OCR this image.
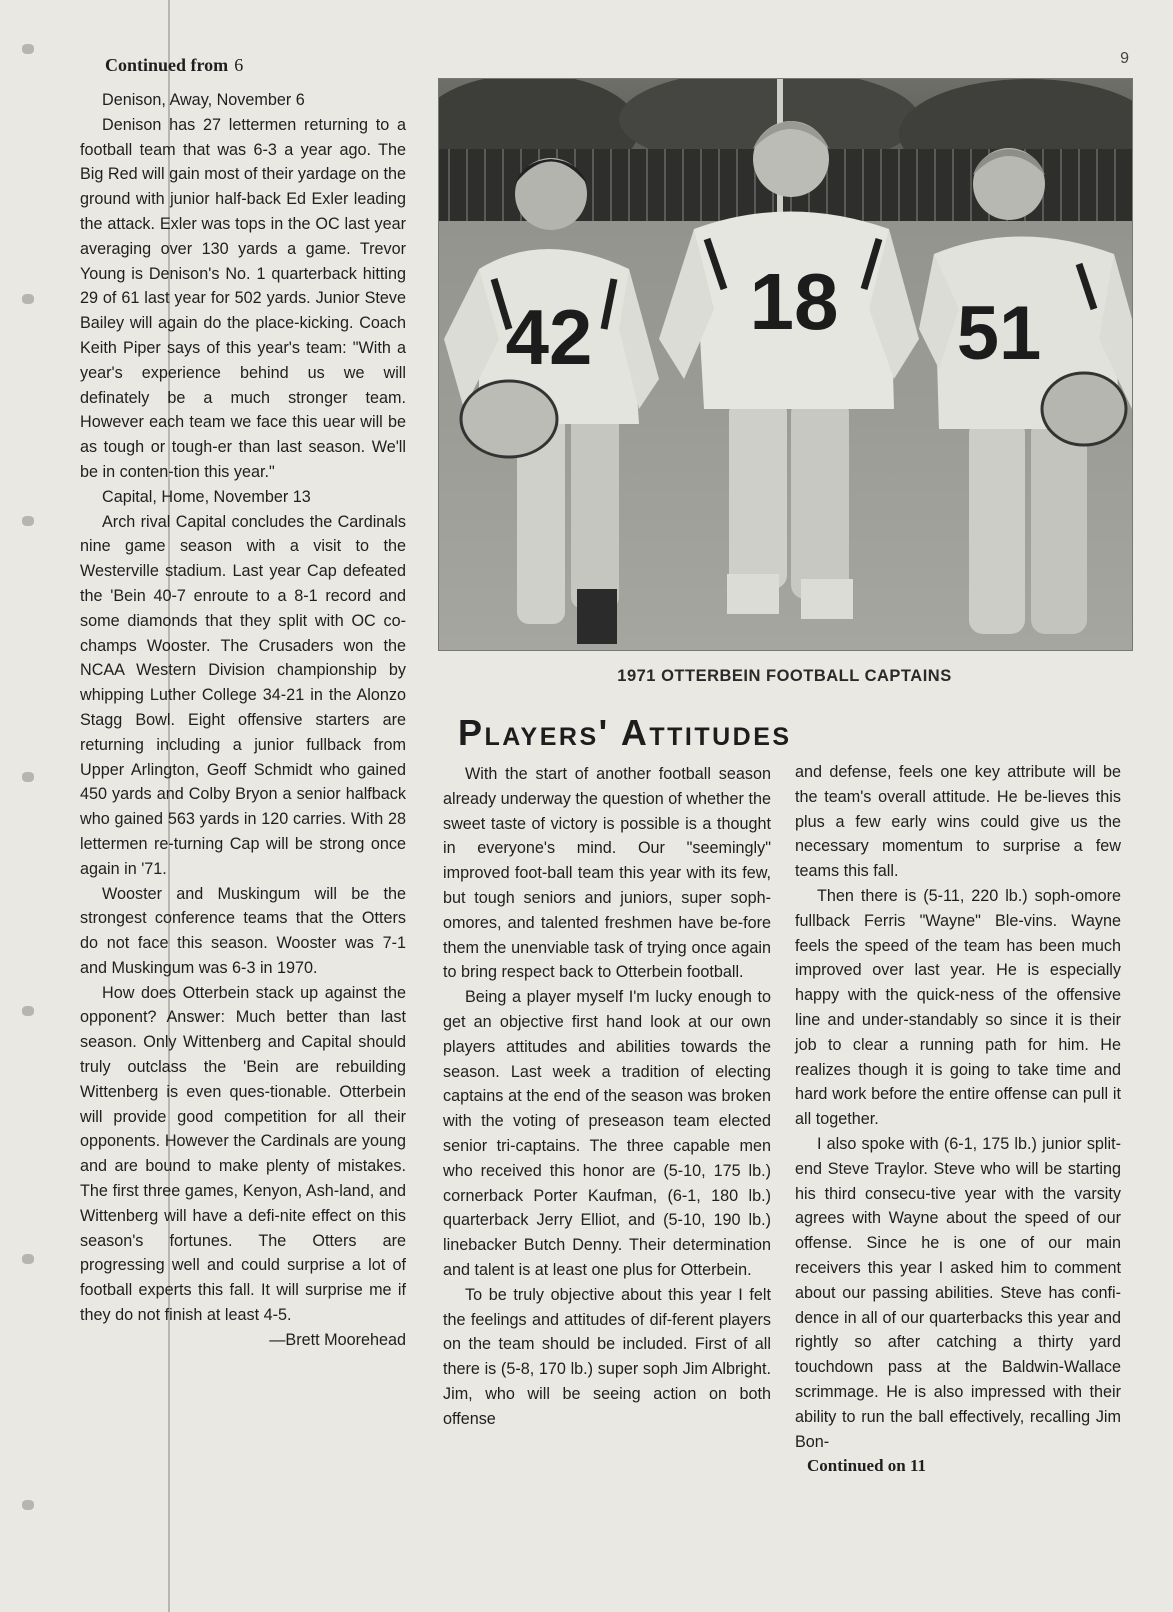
9
Continued from 6

Denison, Away, November 6

Denison has 27 lettermen returning to a football team that was 6-3 a year ago. The Big Red will gain most of their yardage on the ground with junior half-back Ed Exler leading the attack. Exler was tops in the OC last year averaging over 130 yards a game. Trevor Young is Denison's No. 1 quarterback hitting 29 of 61 last year for 502 yards. Junior Steve Bailey will again do the place-kicking. Coach Keith Piper says of this year's team: "With a year's experience behind us we will definately be a much stronger team. However each team we face this uear will be as tough or tough-er than last season. We'll be in conten-tion this year."

Capital, Home, November 13

Arch rival Capital concludes the Cardinals nine game season with a visit to the Westerville stadium. Last year Cap defeated the 'Bein 40-7 enroute to a 8-1 record and some diamonds that they split with OC co-champs Wooster. The Crusaders won the NCAA Western Division championship by whipping Luther College 34-21 in the Alonzo Stagg Bowl. Eight offensive starters are returning including a junior fullback from Upper Arlington, Geoff Schmidt who gained 450 yards and Colby Bryon a senior halfback who gained 563 yards in 120 carries. With 28 lettermen re-turning Cap will be strong once again in '71.

Wooster and Muskingum will be the strongest conference teams that the Otters do not face this season. Wooster was 7-1 and Muskingum was 6-3 in 1970.

How does Otterbein stack up against the opponent? Answer: Much better than last season. Only Wittenberg and Capital should truly outclass the 'Bein are rebuilding Wittenberg is even ques-tionable. Otterbein will provide good competition for all their opponents. However the Cardinals are young and are bound to make plenty of mistakes. The first three games, Kenyon, Ash-land, and Wittenberg will have a defi-nite effect on this season's fortunes. The Otters are progressing well and could surprise a lot of football experts this fall. It will surprise me if they do not finish at least 4-5.

—Brett Moorehead

42 18 51
1971 OTTERBEIN FOOTBALL CAPTAINS
Players' Attitudes

With the start of another football season already underway the question of whether the sweet taste of victory is possible is a thought in everyone's mind. Our "seemingly" improved foot-ball team this year with its few, but tough seniors and juniors, super soph-omores, and talented freshmen have be-fore them the unenviable task of trying once again to bring respect back to Otterbein football.

Being a player myself I'm lucky enough to get an objective first hand look at our own players attitudes and abilities towards the season. Last week a tradition of electing captains at the end of the season was broken with the voting of preseason team elected senior tri-captains. The three capable men who received this honor are (5-10, 175 lb.) cornerback Porter Kaufman, (6-1, 180 lb.) quarterback Jerry Elliot, and (5-10, 190 lb.) linebacker Butch Denny. Their determination and talent is at least one plus for Otterbein.

To be truly objective about this year I felt the feelings and attitudes of dif-ferent players on the team should be included. First of all there is (5-8, 170 lb.) super soph Jim Albright. Jim, who will be seeing action on both offense

and defense, feels one key attribute will be the team's overall attitude. He be-lieves this plus a few early wins could give us the necessary momentum to surprise a few teams this fall.

Then there is (5-11, 220 lb.) soph-omore fullback Ferris "Wayne" Ble-vins. Wayne feels the speed of the team has been much improved over last year. He is especially happy with the quick-ness of the offensive line and under-standably so since it is their job to clear a running path for him. He realizes though it is going to take time and hard work before the entire offense can pull it all together.

I also spoke with (6-1, 175 lb.) junior split-end Steve Traylor. Steve who will be starting his third consecu-tive year with the varsity agrees with Wayne about the speed of our offense. Since he is one of our main receivers this year I asked him to comment about our passing abilities. Steve has confi-dence in all of our quarterbacks this year and rightly so after catching a thirty yard touchdown pass at the Baldwin-Wallace scrimmage. He is also impressed with their ability to run the ball effectively, recalling Jim Bon-

Continued on 11
